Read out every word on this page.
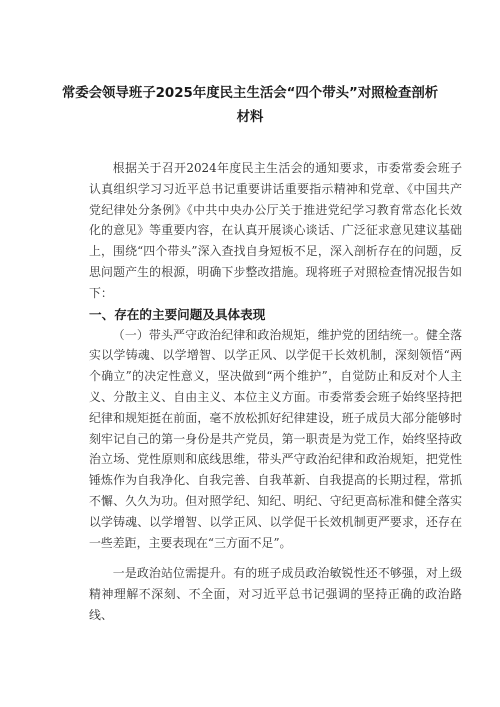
常委会领导班子2025年度民主生活会“四个带头”对照检查剖析材料

根据关于召开2024年度民主生活会的通知要求，市委常委会班子认真组织学习习近平总书记重要讲话重要指示精神和党章、《中国共产党纪律处分条例》《中共中央办公厅关于推进党纪学习教育常态化长效化的意见》等重要内容，在认真开展谈心谈话、广泛征求意见建议基础上，围绕“四个带头”深入查找自身短板不足，深入剖析存在的问题，反思问题产生的根源，明确下步整改措施。现将班子对照检查情况报告如下：

一、存在的主要问题及具体表现

（一）带头严守政治纪律和政治规矩，维护党的团结统一。健全落实以学铸魂、以学增智、以学正风、以学促干长效机制，深刻领悟“两个确立”的决定性意义，坚决做到“两个维护”，自觉防止和反对个人主义、分散主义、自由主义、本位主义方面。市委常委会班子始终坚持把纪律和规矩挺在前面，毫不放松抓好纪律建设，班子成员大部分能够时刻牢记自己的第一身份是共产党员，第一职责是为党工作，始终坚持政治立场、党性原则和底线思维，带头严守政治纪律和政治规矩，把党性锤炼作为自我净化、自我完善、自我革新、自我提高的长期过程，常抓不懈、久久为功。但对照学纪、知纪、明纪、守纪更高标准和健全落实以学铸魂、以学增智、以学正风、以学促干长效机制更严要求，还存在一些差距，主要表现在“三方面不足”。

一是政治站位需提升。有的班子成员政治敏锐性还不够强，对上级精神理解不深刻、不全面，对习近平总书记强调的坚持正确的政治路线、
